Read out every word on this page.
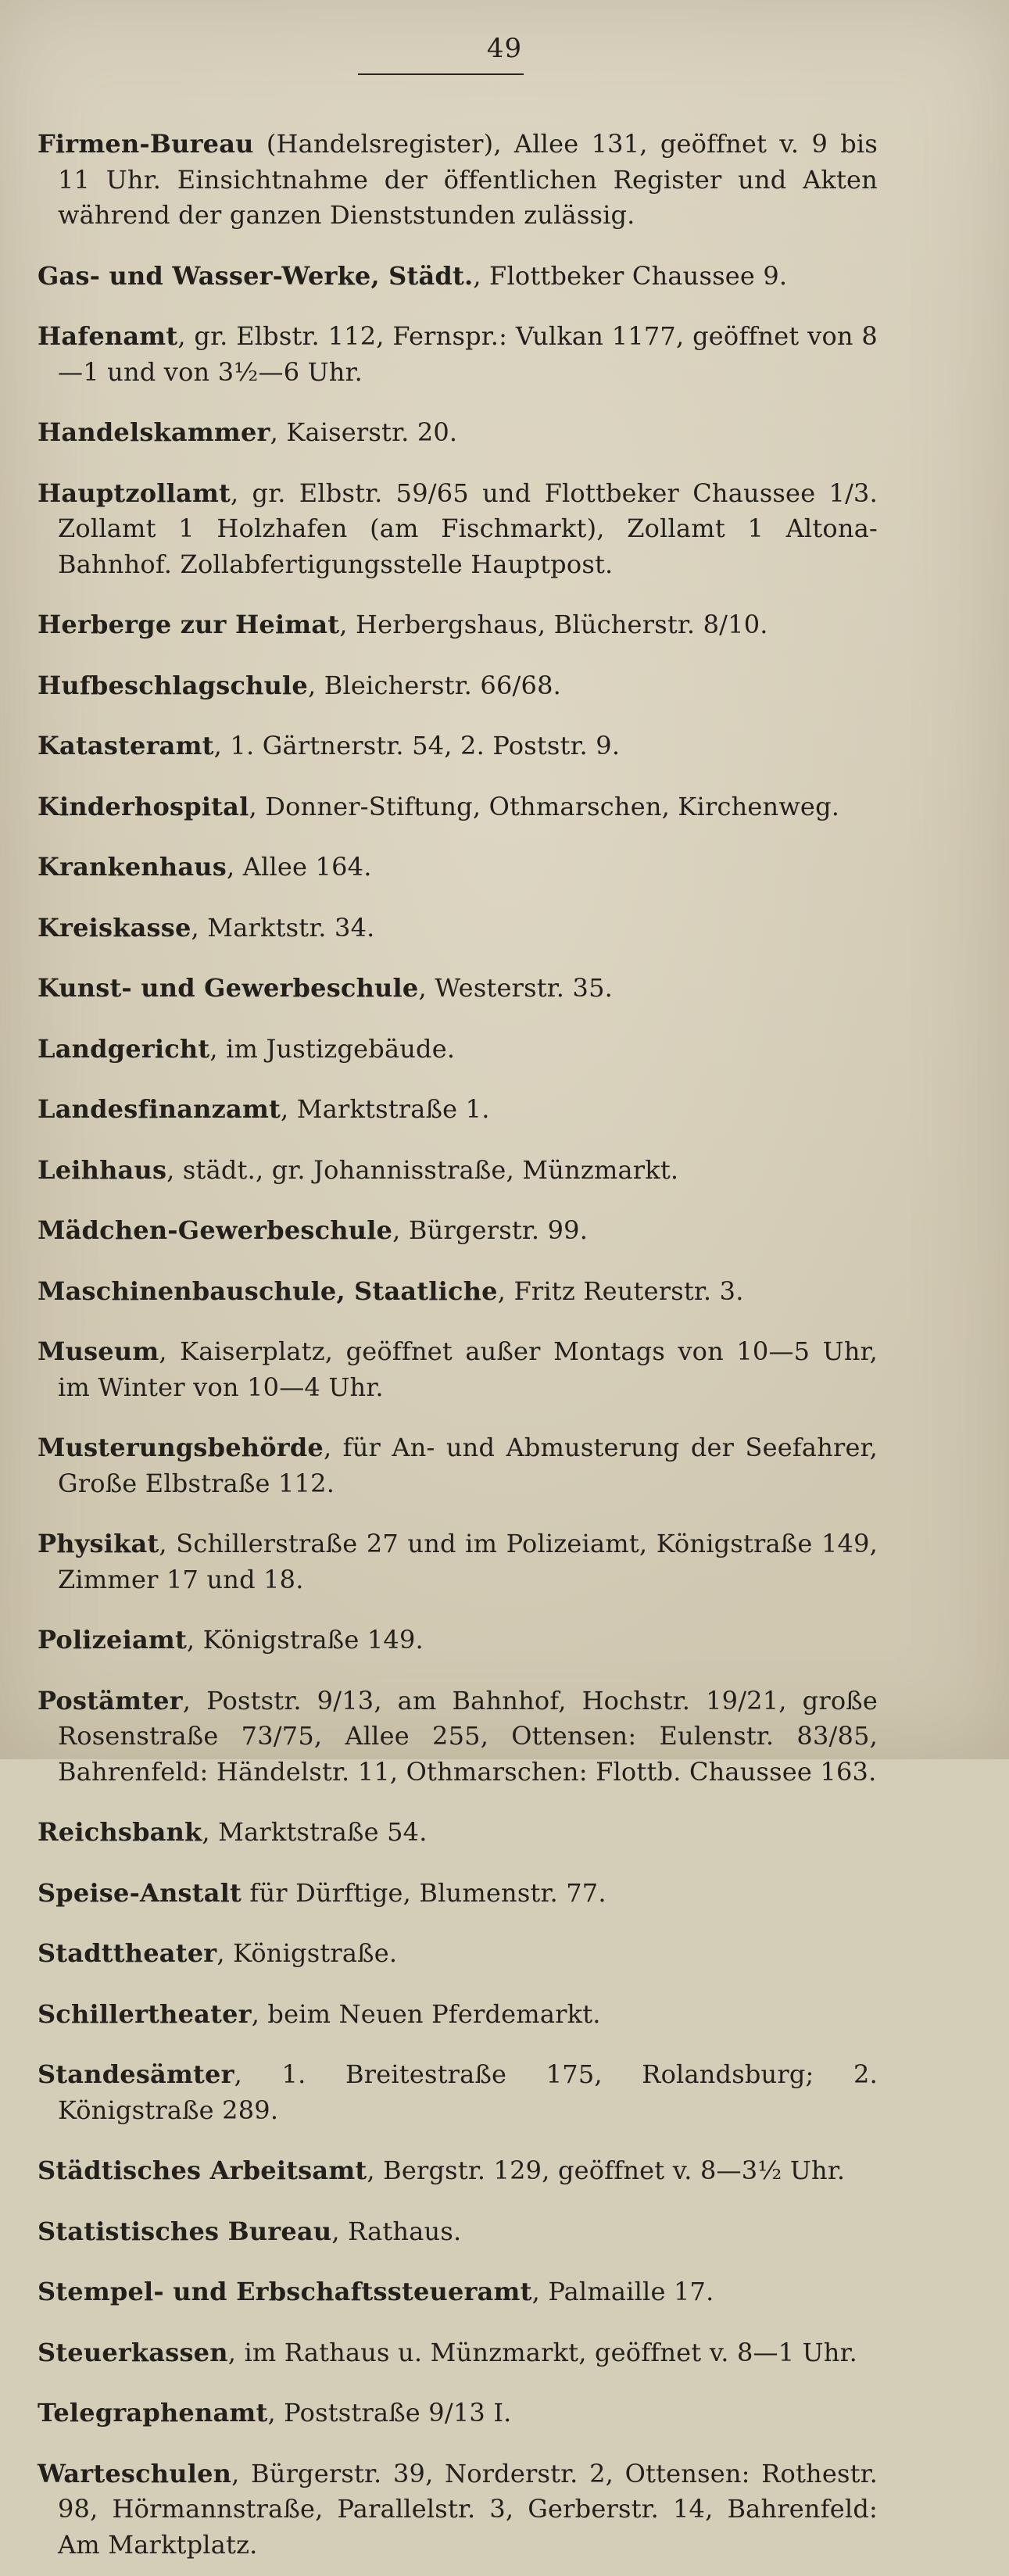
49

Firmen-Bureau (Handelsregister), Allee 131, geöffnet v. 9 bis 11 Uhr. Einsichtnahme der öffentlichen Register und Akten während der ganzen Dienststunden zulässig.

Gas- und Wasser-Werke, Städt., Flottbeker Chaussee 9.

Hafenamt, gr. Elbstr. 112, Fernspr.: Vulkan 1177, geöffnet von 8—1 und von 3½—6 Uhr.

Handelskammer, Kaiserstr. 20.

Hauptzollamt, gr. Elbstr. 59/65 und Flottbeker Chaussee 1/3. Zollamt 1 Holzhafen (am Fischmarkt), Zollamt 1 Altona-Bahnhof. Zollabfertigungsstelle Hauptpost.

Herberge zur Heimat, Herbergshaus, Blücherstr. 8/10.

Hufbeschlagschule, Bleicherstr. 66/68.

Katasteramt, 1. Gärtnerstr. 54, 2. Poststr. 9.

Kinderhospital, Donner-Stiftung, Othmarschen, Kirchenweg.

Krankenhaus, Allee 164.

Kreiskasse, Marktstr. 34.

Kunst- und Gewerbeschule, Westerstr. 35.

Landgericht, im Justizgebäude.

Landesfinanzamt, Marktstraße 1.

Leihhaus, städt., gr. Johannisstraße, Münzmarkt.

Mädchen-Gewerbeschule, Bürgerstr. 99.

Maschinenbauschule, Staatliche, Fritz Reuterstr. 3.

Museum, Kaiserplatz, geöffnet außer Montags von 10—5 Uhr, im Winter von 10—4 Uhr.

Musterungsbehörde, für An- und Abmusterung der Seefahrer, Große Elbstraße 112.

Physikat, Schillerstraße 27 und im Polizeiamt, Königstraße 149, Zimmer 17 und 18.

Polizeiamt, Königstraße 149.

Postämter, Poststr. 9/13, am Bahnhof, Hochstr. 19/21, große Rosenstraße 73/75, Allee 255, Ottensen: Eulenstr. 83/85, Bahrenfeld: Händelstr. 11, Othmarschen: Flottb. Chaussee 163.

Reichsbank, Marktstraße 54.

Speise-Anstalt für Dürftige, Blumenstr. 77.

Stadttheater, Königstraße.

Schillertheater, beim Neuen Pferdemarkt.

Standesämter, 1. Breitestraße 175, Rolandsburg; 2. Königstraße 289.

Städtisches Arbeitsamt, Bergstr. 129, geöffnet v. 8—3½ Uhr.

Statistisches Bureau, Rathaus.

Stempel- und Erbschaftssteueramt, Palmaille 17.

Steuerkassen, im Rathaus u. Münzmarkt, geöffnet v. 8—1 Uhr.

Telegraphenamt, Poststraße 9/13 I.

Warteschulen, Bürgerstr. 39, Norderstr. 2, Ottensen: Rothestr. 98, Hörmannstraße, Parallelstr. 3, Gerberstr. 14, Bahrenfeld: Am Marktplatz.
